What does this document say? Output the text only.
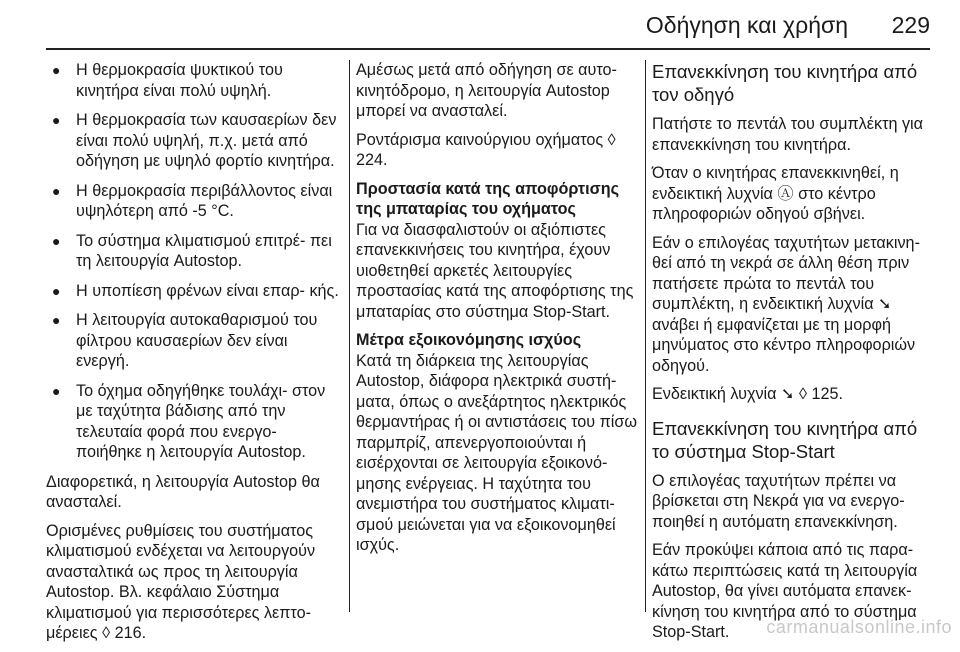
Οδήγηση και χρήση 229
● Η θερμοκρασία ψυκτικού του κινητήρα είναι πολύ υψηλή.
● Η θερμοκρασία των καυσαερίων δεν είναι πολύ υψηλή, π.χ. μετά από οδήγηση με υψηλό φορτίο κινητήρα.
● Η θερμοκρασία περιβάλλοντος είναι υψηλότερη από -5 °C.
● Το σύστημα κλιματισμού επιτρέ‐ πει τη λειτουργία Autostop.
● Η υποπίεση φρένων είναι επαρ‐ κής.
● Η λειτουργία αυτοκαθαρισμού του φίλτρου καυσαερίων δεν είναι ενεργή.
● Το όχημα οδηγήθηκε τουλάχι‐ στον με ταχύτητα βάδισης από την τελευταία φορά που ενεργο‐ ποιήθηκε η λειτουργία Autostop.

Διαφορετικά, η λειτουργία Autostop θα ανασταλεί.

Ορισμένες ρυθμίσεις του συστήματος κλιματισμού ενδέχεται να λειτουργούν ανασταλτικά ως προς τη λειτουργία Autostop. Βλ. κεφάλαιο Σύστημα κλιματισμού για περισσότερες λεπτο‐ μέρειες ◊ 216.

Αμέσως μετά από οδήγηση σε αυτο‐ κινητόδρομο, η λειτουργία Autostop μπορεί να ανασταλεί.

Ροντάρισμα καινούργιου οχήματος ◊ 224.

Προστασία κατά της αποφόρτισης της μπαταρίας του οχήματος

Για να διασφαλιστούν οι αξιόπιστες επανεκκινήσεις του κινητήρα, έχουν υιοθετηθεί αρκετές λειτουργίες προστασίας κατά της αποφόρτισης της μπαταρίας στο σύστημα Stop-Start.

Μέτρα εξοικονόμησης ισχύος

Κατά τη διάρκεια της λειτουργίας Autostop, διάφορα ηλεκτρικά συστή‐ ματα, όπως ο ανεξάρτητος ηλεκτρικός θερμαντήρας ή οι αντιστάσεις του πίσω παρμπρίζ, απενεργοποιούνται ή εισέρχονται σε λειτουργία εξοικονό‐ μησης ενέργειας. Η ταχύτητα του ανεμιστήρα του συστήματος κλιματι‐ σμού μειώνεται για να εξοικονομηθεί ισχύς.

Επανεκκίνηση του κινητήρα από τον οδηγό

Πατήστε το πεντάλ του συμπλέκτη για επανεκκίνηση του κινητήρα.

Όταν ο κινητήρας επανεκκινηθεί, η ενδεικτική λυχνία Ⓐ στο κέντρο πληροφοριών οδηγού σβήνει.

Εάν ο επιλογέας ταχυτήτων μετακινη‐ θεί από τη νεκρά σε άλλη θέση πριν πατήσετε πρώτα το πεντάλ του συμπλέκτη, η ενδεικτική λυχνία ➘ ανάβει ή εμφανίζεται με τη μορφή μηνύματος στο κέντρο πληροφοριών οδηγού.

Ενδεικτική λυχνία ➘ ◊ 125.

Επανεκκίνηση του κινητήρα από το σύστημα Stop-Start

Ο επιλογέας ταχυτήτων πρέπει να βρίσκεται στη Νεκρά για να ενεργο‐ ποιηθεί η αυτόματη επανεκκίνηση.

Εάν προκύψει κάποια από τις παρα‐ κάτω περιπτώσεις κατά τη λειτουργία Autostop, θα γίνει αυτόματα επανεκ‐ κίνηση του κινητήρα από το σύστημα Stop-Start.	carmanualsonline.info
